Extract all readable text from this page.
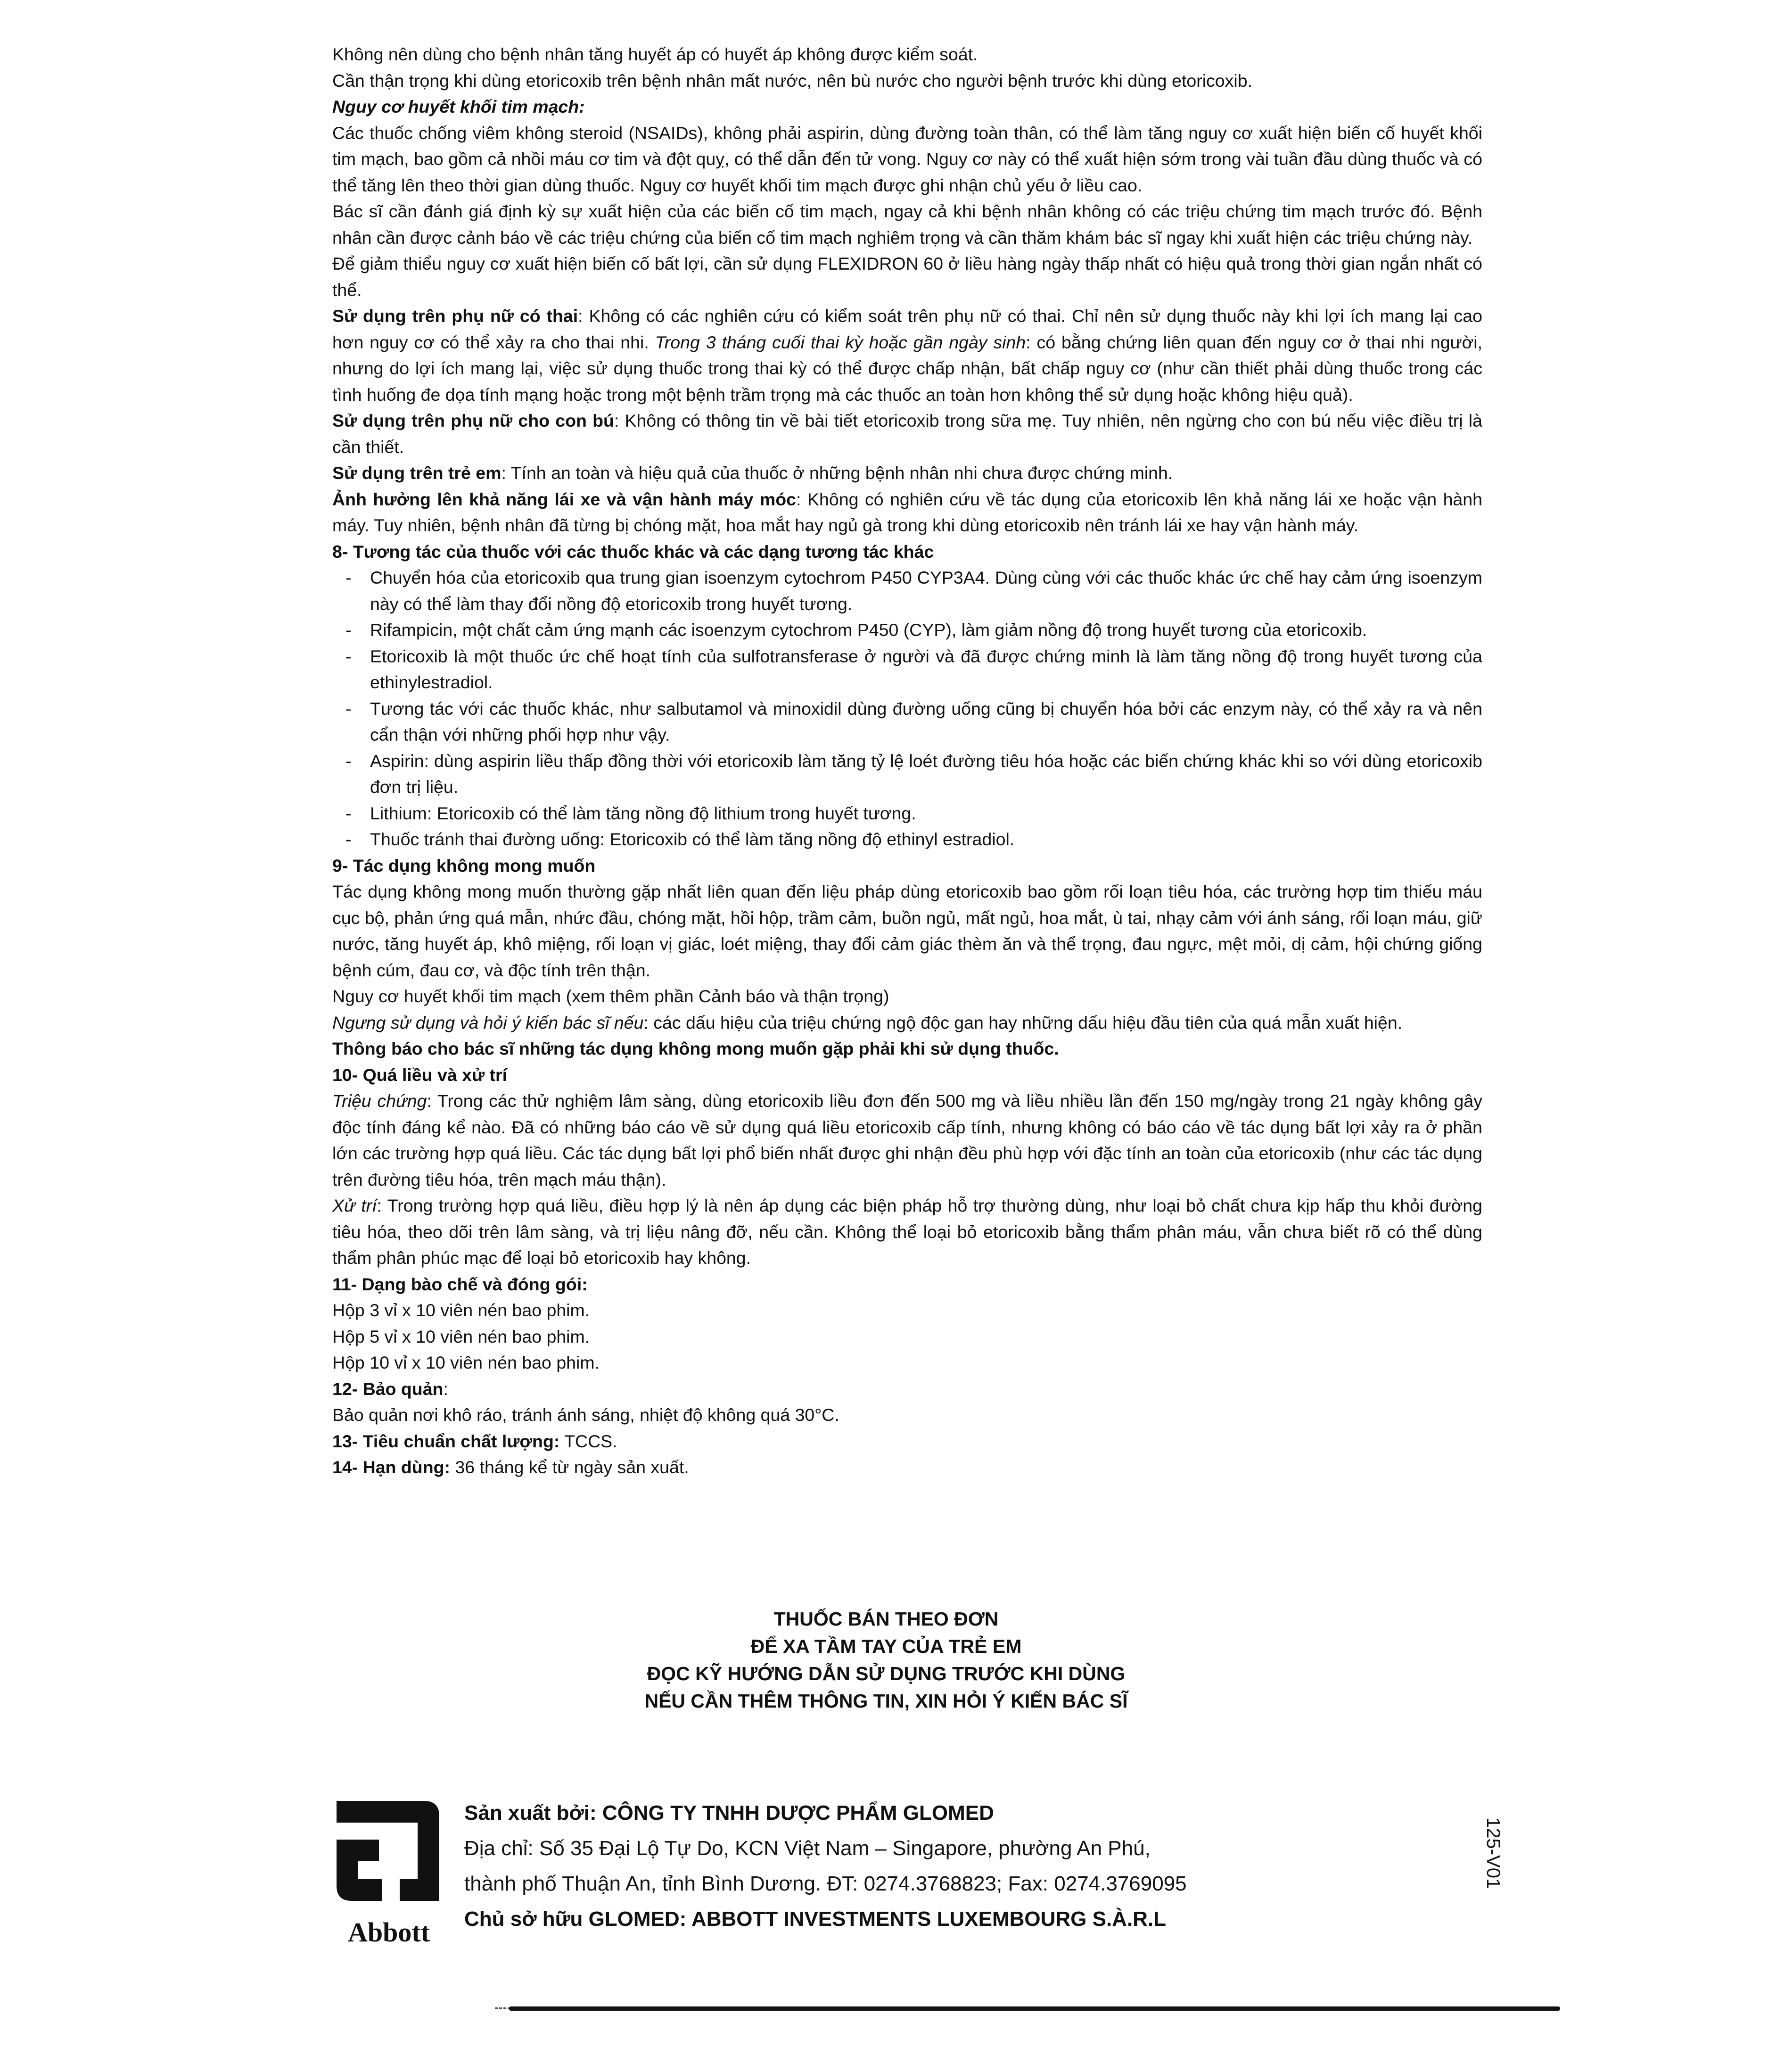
Không nên dùng cho bệnh nhân tăng huyết áp có huyết áp không được kiểm soát.

Cần thận trọng khi dùng etoricoxib trên bệnh nhân mất nước, nên bù nước cho người bệnh trước khi dùng etoricoxib.

Nguy cơ huyết khối tim mạch:

Các thuốc chống viêm không steroid (NSAIDs), không phải aspirin, dùng đường toàn thân, có thể làm tăng nguy cơ xuất hiện biến cố huyết khối tim mạch, bao gồm cả nhồi máu cơ tim và đột quỵ, có thể dẫn đến tử vong. Nguy cơ này có thể xuất hiện sớm trong vài tuần đầu dùng thuốc và có thể tăng lên theo thời gian dùng thuốc. Nguy cơ huyết khối tim mạch được ghi nhận chủ yếu ở liều cao.

Bác sĩ cần đánh giá định kỳ sự xuất hiện của các biến cố tim mạch, ngay cả khi bệnh nhân không có các triệu chứng tim mạch trước đó. Bệnh nhân cần được cảnh báo về các triệu chứng của biến cố tim mạch nghiêm trọng và cần thăm khám bác sĩ ngay khi xuất hiện các triệu chứng này.

Để giảm thiểu nguy cơ xuất hiện biến cố bất lợi, cần sử dụng FLEXIDRON 60 ở liều hàng ngày thấp nhất có hiệu quả trong thời gian ngắn nhất có thể.

Sử dụng trên phụ nữ có thai: Không có các nghiên cứu có kiểm soát trên phụ nữ có thai. Chỉ nên sử dụng thuốc này khi lợi ích mang lại cao hơn nguy cơ có thể xảy ra cho thai nhi. Trong 3 tháng cuối thai kỳ hoặc gần ngày sinh: có bằng chứng liên quan đến nguy cơ ở thai nhi người, nhưng do lợi ích mang lại, việc sử dụng thuốc trong thai kỳ có thể được chấp nhận, bất chấp nguy cơ (như cần thiết phải dùng thuốc trong các tình huống đe dọa tính mạng hoặc trong một bệnh trầm trọng mà các thuốc an toàn hơn không thể sử dụng hoặc không hiệu quả).

Sử dụng trên phụ nữ cho con bú: Không có thông tin về bài tiết etoricoxib trong sữa mẹ. Tuy nhiên, nên ngừng cho con bú nếu việc điều trị là cần thiết.

Sử dụng trên trẻ em: Tính an toàn và hiệu quả của thuốc ở những bệnh nhân nhi chưa được chứng minh.

Ảnh hưởng lên khả năng lái xe và vận hành máy móc: Không có nghiên cứu về tác dụng của etoricoxib lên khả năng lái xe hoặc vận hành máy. Tuy nhiên, bệnh nhân đã từng bị chóng mặt, hoa mắt hay ngủ gà trong khi dùng etoricoxib nên tránh lái xe hay vận hành máy.

8- Tương tác của thuốc với các thuốc khác và các dạng tương tác khác

- Chuyển hóa của etoricoxib qua trung gian isoenzym cytochrom P450 CYP3A4. Dùng cùng với các thuốc khác ức chế hay cảm ứng isoenzym này có thể làm thay đổi nồng độ etoricoxib trong huyết tương.
- Rifampicin, một chất cảm ứng mạnh các isoenzym cytochrom P450 (CYP), làm giảm nồng độ trong huyết tương của etoricoxib.
- Etoricoxib là một thuốc ức chế hoạt tính của sulfotransferase ở người và đã được chứng minh là làm tăng nồng độ trong huyết tương của ethinylestradiol.
- Tương tác với các thuốc khác, như salbutamol và minoxidil dùng đường uống cũng bị chuyển hóa bởi các enzym này, có thể xảy ra và nên cẩn thận với những phối hợp như vậy.
- Aspirin: dùng aspirin liều thấp đồng thời với etoricoxib làm tăng tỷ lệ loét đường tiêu hóa hoặc các biến chứng khác khi so với dùng etoricoxib đơn trị liệu.
- Lithium: Etoricoxib có thể làm tăng nồng độ lithium trong huyết tương.
- Thuốc tránh thai đường uống: Etoricoxib có thể làm tăng nồng độ ethinyl estradiol.

9- Tác dụng không mong muốn

Tác dụng không mong muốn thường gặp nhất liên quan đến liệu pháp dùng etoricoxib bao gồm rối loạn tiêu hóa, các trường hợp tim thiếu máu cục bộ, phản ứng quá mẫn, nhức đầu, chóng mặt, hồi hộp, trầm cảm, buồn ngủ, mất ngủ, hoa mắt, ù tai, nhạy cảm với ánh sáng, rối loạn máu, giữ nước, tăng huyết áp, khô miệng, rối loạn vị giác, loét miệng, thay đổi cảm giác thèm ăn và thể trọng, đau ngực, mệt mỏi, dị cảm, hội chứng giống bệnh cúm, đau cơ, và độc tính trên thận.

Nguy cơ huyết khối tim mạch (xem thêm phần Cảnh báo và thận trọng)

Ngưng sử dụng và hỏi ý kiến bác sĩ nếu: các dấu hiệu của triệu chứng ngộ độc gan hay những dấu hiệu đầu tiên của quá mẫn xuất hiện.

Thông báo cho bác sĩ những tác dụng không mong muốn gặp phải khi sử dụng thuốc.

10- Quá liều và xử trí

Triệu chứng: Trong các thử nghiệm lâm sàng, dùng etoricoxib liều đơn đến 500 mg và liều nhiều lần đến 150 mg/ngày trong 21 ngày không gây độc tính đáng kể nào. Đã có những báo cáo về sử dụng quá liều etoricoxib cấp tính, nhưng không có báo cáo về tác dụng bất lợi xảy ra ở phần lớn các trường hợp quá liều. Các tác dụng bất lợi phổ biến nhất được ghi nhận đều phù hợp với đặc tính an toàn của etoricoxib (như các tác dụng trên đường tiêu hóa, trên mạch máu thận).

Xử trí: Trong trường hợp quá liều, điều hợp lý là nên áp dụng các biện pháp hỗ trợ thường dùng, như loại bỏ chất chưa kịp hấp thu khỏi đường tiêu hóa, theo dõi trên lâm sàng, và trị liệu nâng đỡ, nếu cần. Không thể loại bỏ etoricoxib bằng thẩm phân máu, vẫn chưa biết rõ có thể dùng thẩm phân phúc mạc để loại bỏ etoricoxib hay không.

11- Dạng bào chế và đóng gói:

Hộp 3 vỉ x 10 viên nén bao phim.

Hộp 5 vỉ x 10 viên nén bao phim.

Hộp 10 vỉ x 10 viên nén bao phim.

12- Bảo quản:

Bảo quản nơi khô ráo, tránh ánh sáng, nhiệt độ không quá 30°C.

13- Tiêu chuẩn chất lượng: TCCS.

14- Hạn dùng: 36 tháng kể từ ngày sản xuất.

THUỐC BÁN THEO ĐƠN
ĐỂ XA TẦM TAY CỦA TRẺ EM
ĐỌC KỸ HƯỚNG DẪN SỬ DỤNG TRƯỚC KHI DÙNG
NẾU CẦN THÊM THÔNG TIN, XIN HỎI Ý KIẾN BÁC SĨ
Abbott
Sản xuất bởi: CÔNG TY TNHH DƯỢC PHẨM GLOMED
Địa chỉ: Số 35 Đại Lộ Tự Do, KCN Việt Nam – Singapore, phường An Phú,
thành phố Thuận An, tỉnh Bình Dương. ĐT: 0274.3768823; Fax: 0274.3769095
Chủ sở hữu GLOMED: ABBOTT INVESTMENTS LUXEMBOURG S.À.R.L
125-V01
